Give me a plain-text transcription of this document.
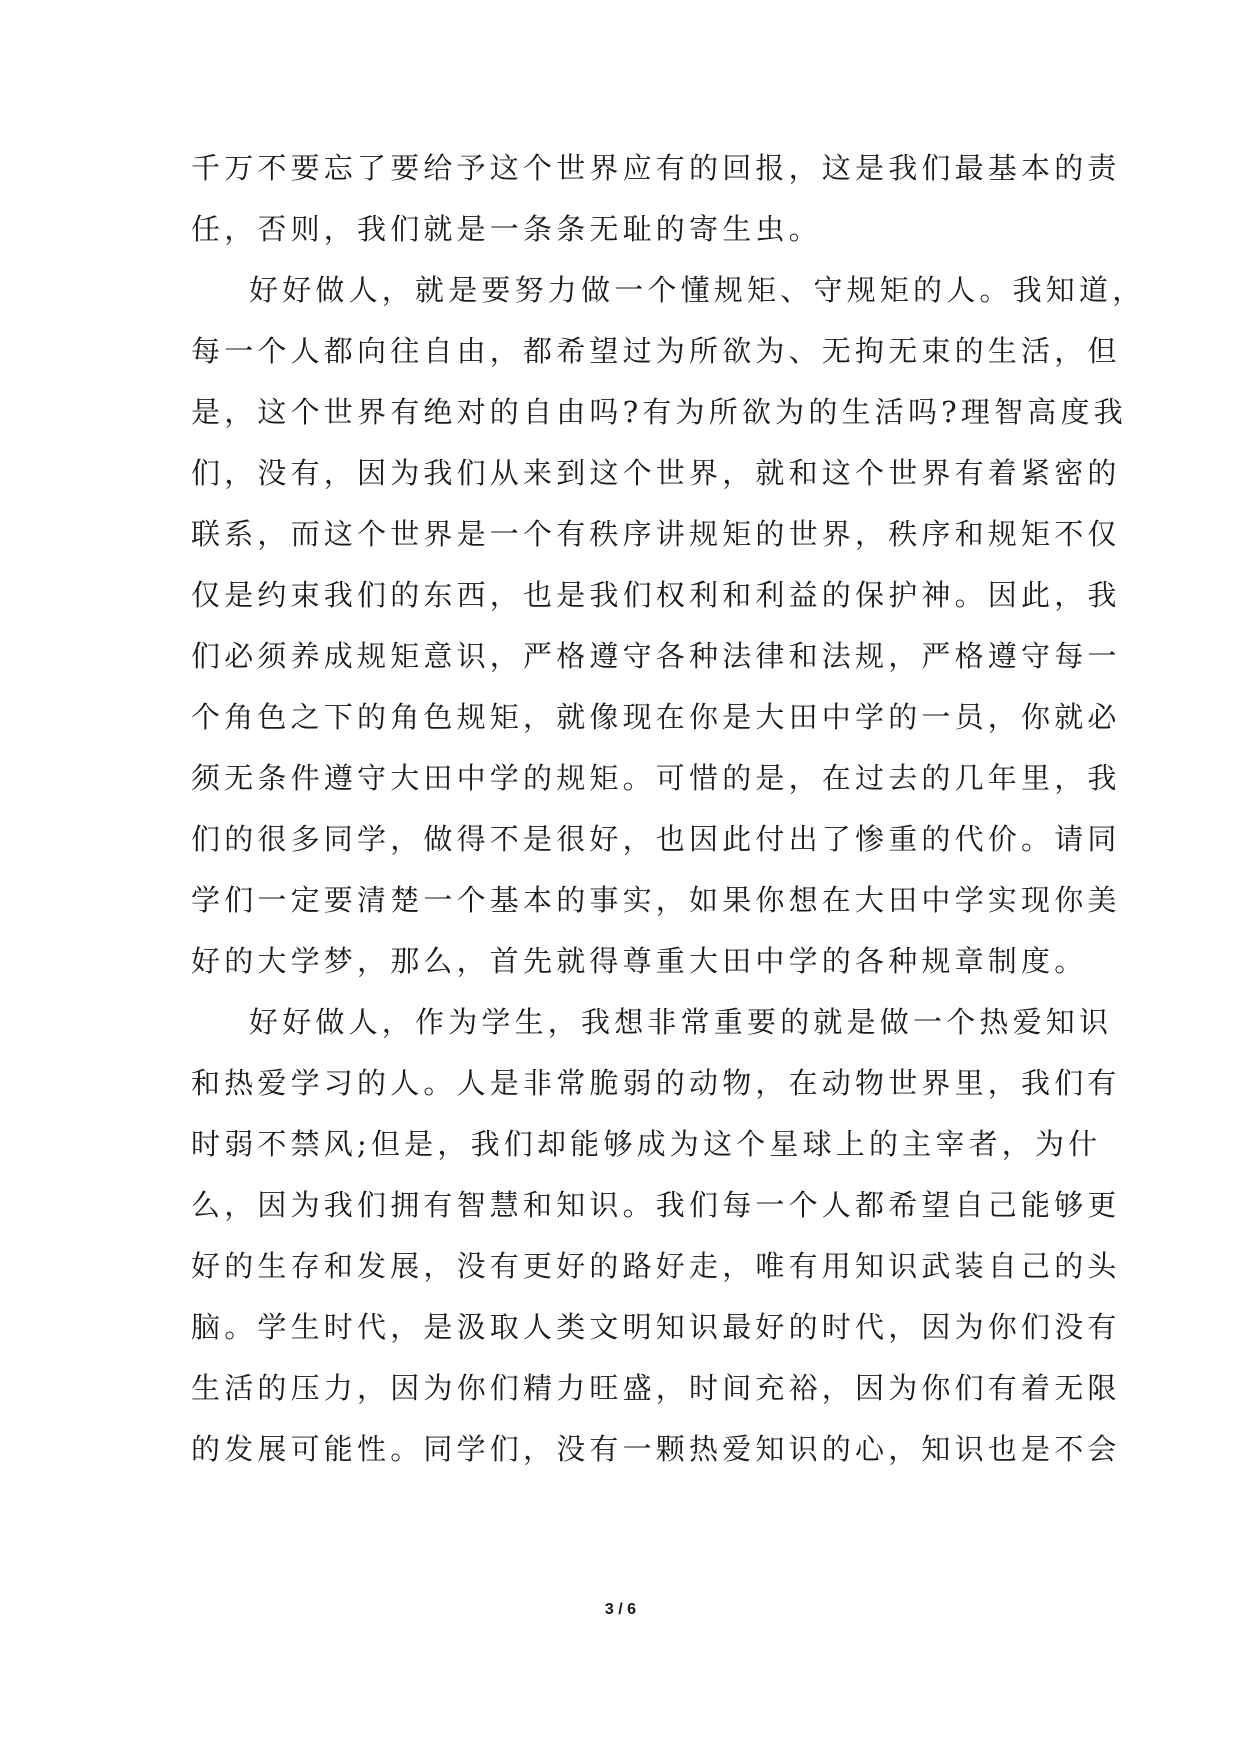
千万不要忘了要给予这个世界应有的回报，这是我们最基本的责
任，否则，我们就是一条条无耻的寄生虫。
好好做人，就是要努力做一个懂规矩、守规矩的人。我知道，
每一个人都向往自由，都希望过为所欲为、无拘无束的生活，但
是，这个世界有绝对的自由吗?有为所欲为的生活吗?理智高度我
们，没有，因为我们从来到这个世界，就和这个世界有着紧密的
联系，而这个世界是一个有秩序讲规矩的世界，秩序和规矩不仅
仅是约束我们的东西，也是我们权利和利益的保护神。因此，我
们必须养成规矩意识，严格遵守各种法律和法规，严格遵守每一
个角色之下的角色规矩，就像现在你是大田中学的一员，你就必
须无条件遵守大田中学的规矩。可惜的是，在过去的几年里，我
们的很多同学，做得不是很好，也因此付出了惨重的代价。请同
学们一定要清楚一个基本的事实，如果你想在大田中学实现你美
好的大学梦，那么，首先就得尊重大田中学的各种规章制度。
好好做人，作为学生，我想非常重要的就是做一个热爱知识
和热爱学习的人。人是非常脆弱的动物，在动物世界里，我们有
时弱不禁风;但是，我们却能够成为这个星球上的主宰者，为什
么，因为我们拥有智慧和知识。我们每一个人都希望自己能够更
好的生存和发展，没有更好的路好走，唯有用知识武装自己的头
脑。学生时代，是汲取人类文明知识最好的时代，因为你们没有
生活的压力，因为你们精力旺盛，时间充裕，因为你们有着无限
的发展可能性。同学们，没有一颗热爱知识的心，知识也是不会
3 / 6
